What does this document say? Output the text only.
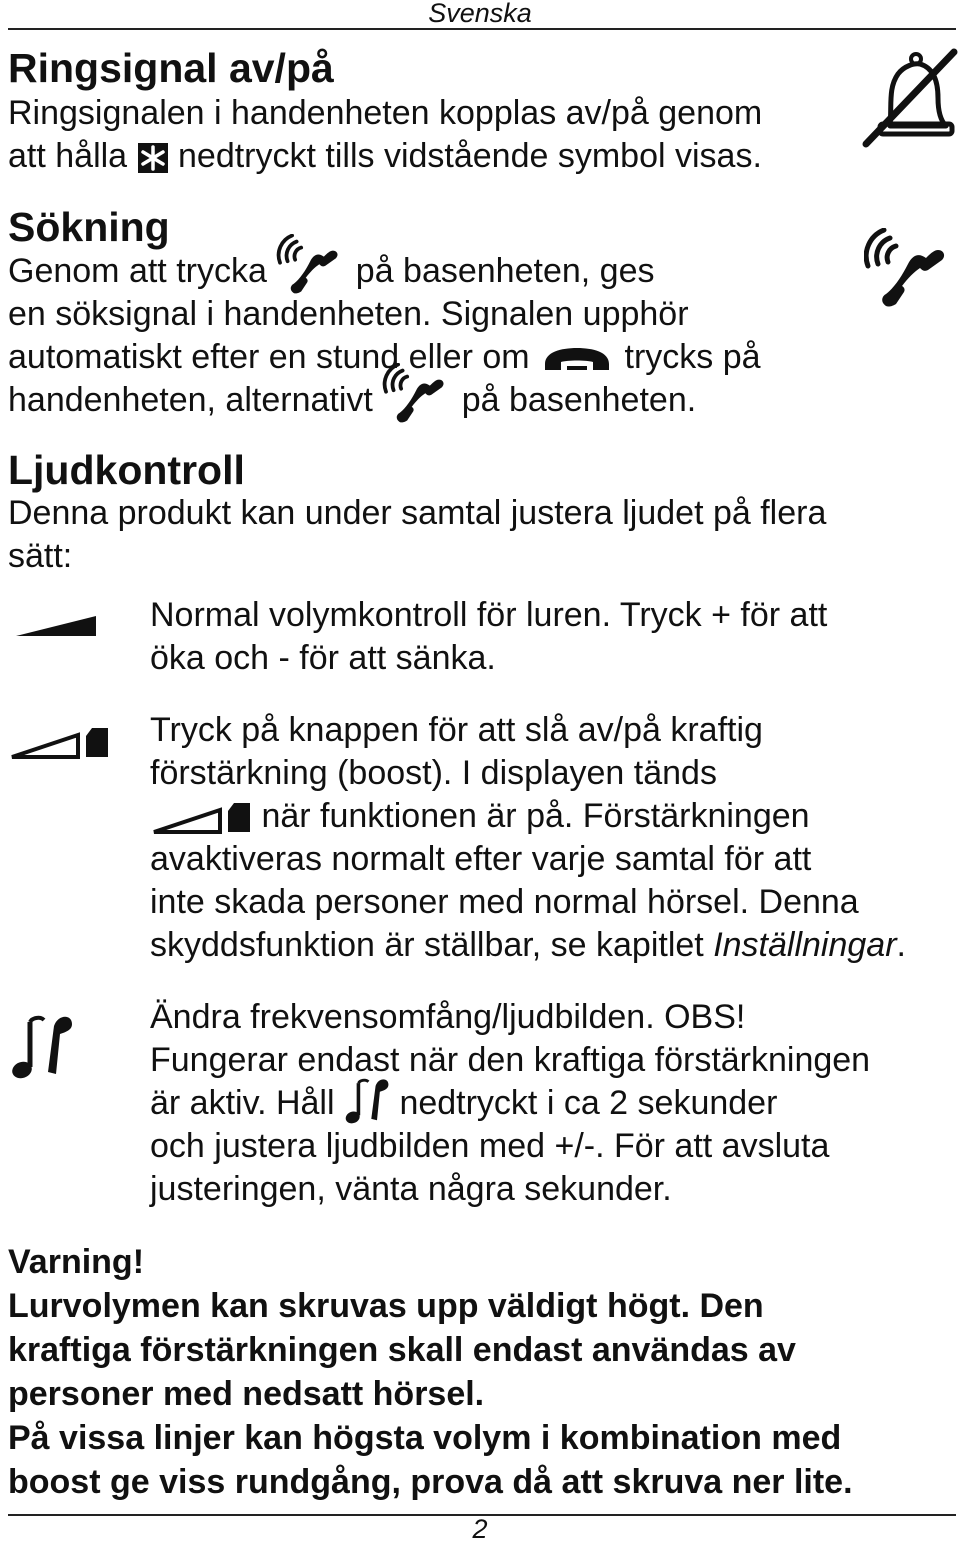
Svenska
Ringsignal av/på
Ringsignalen i handenheten kopplas av/på genom
att hålla nedtryckt tills vidstående symbol visas.
Sökning
Genom att trycka	på basenheten, ges
en söksignal i handenheten. Signalen upphör
automatiskt efter en stund eller om	trycks på
handenheten, alternativt	på basenheten.
Ljudkontroll
Denna produkt kan under samtal justera ljudet på flera
sätt:
Normal volymkontroll för luren. Tryck + för att
öka och - för att sänka.
Tryck på knappen för att slå av/på kraftig
förstärkning (boost). I displayen tänds
när funktionen är på. Förstärkningen
avaktiveras normalt efter varje samtal för att
inte skada personer med normal hörsel. Denna
skyddsfunktion är ställbar, se kapitlet Inställningar.
Ändra frekvensomfång/ljudbilden. OBS!
Fungerar endast när den kraftiga förstärkningen
är aktiv. Håll nedtryckt i ca 2 sekunder
och justera ljudbilden med +/-. För att avsluta
justeringen, vänta några sekunder.
Varning!
Lurvolymen kan skruvas upp väldigt högt. Den
kraftiga förstärkningen skall endast användas av
personer med nedsatt hörsel.
På vissa linjer kan högsta volym i kombination med
boost ge viss rundgång, prova då att skruva ner lite.
2
